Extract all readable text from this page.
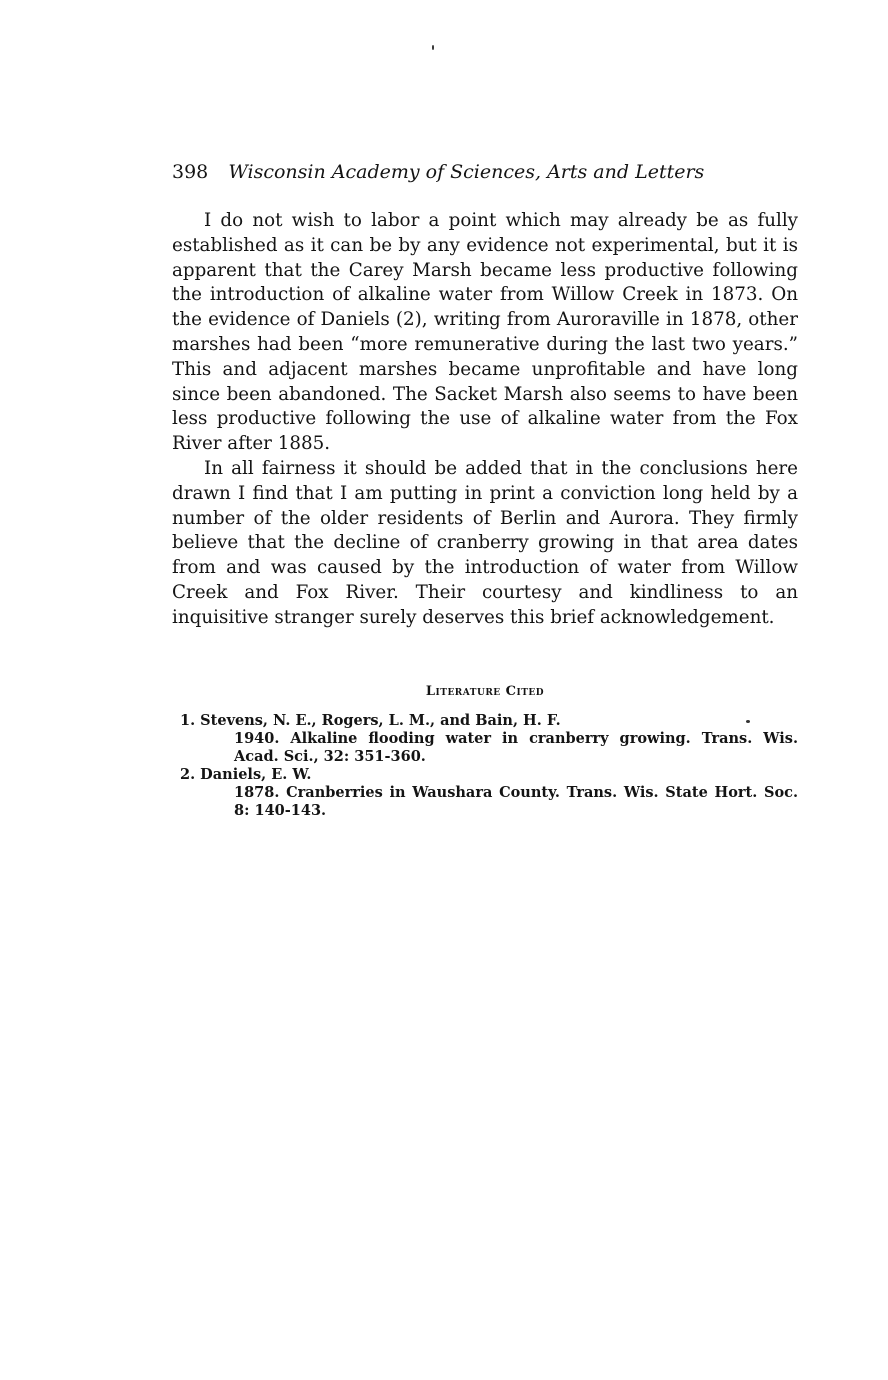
398 Wisconsin Academy of Sciences, Arts and Letters

I do not wish to labor a point which may already be as fully established as it can be by any evidence not experimental, but it is apparent that the Carey Marsh became less productive following the introduction of alkaline water from Willow Creek in 1873. On the evidence of Daniels (2), writing from Auroraville in 1878, other marshes had been “more remunerative during the last two years.” This and adjacent marshes became unprofitable and have long since been abandoned. The Sacket Marsh also seems to have been less productive following the use of alkaline water from the Fox River after 1885.

In all fairness it should be added that in the conclusions here drawn I find that I am putting in print a conviction long held by a number of the older residents of Berlin and Aurora. They firmly believe that the decline of cranberry growing in that area dates from and was caused by the introduction of water from Willow Creek and Fox River. Their courtesy and kindliness to an inquisitive stranger surely deserves this brief acknowledgement.

Literature Cited
1. Stevens, N. E., Rogers, L. M., and Bain, H. F.
1940. Alkaline flooding water in cranberry growing. Trans. Wis. Acad. Sci., 32: 351-360.
2. Daniels, E. W.
1878. Cranberries in Waushara County. Trans. Wis. State Hort. Soc. 8: 140-143.
